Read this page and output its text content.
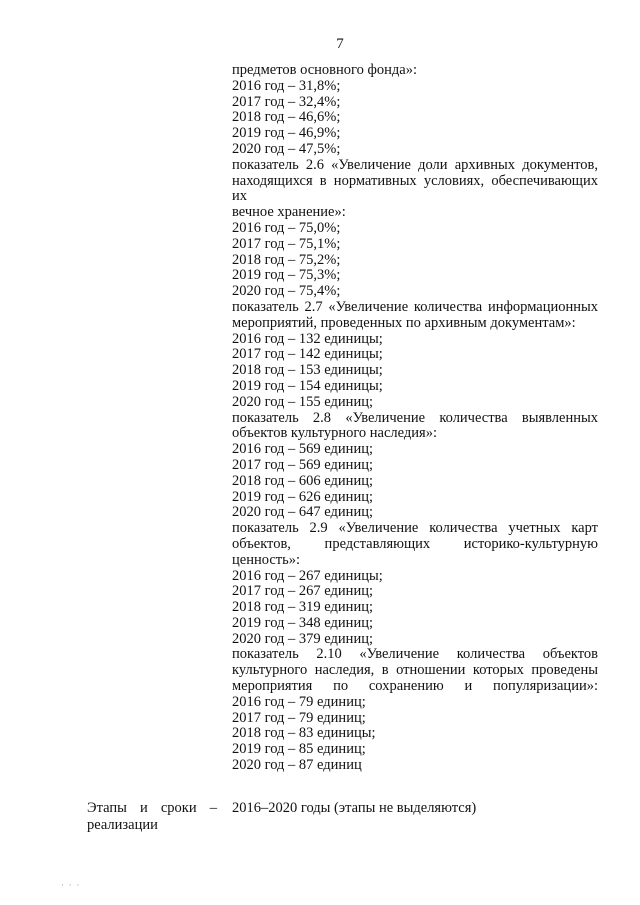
7
предметов основного фонда»:
2016 год – 31,8%;
2017 год – 32,4%;
2018 год – 46,6%;
2019 год – 46,9%;
2020 год – 47,5%;
показатель 2.6 «Увеличение доли архивных документов,
находящихся в нормативных условиях, обеспечивающих их
вечное хранение»:
2016 год – 75,0%;
2017 год – 75,1%;
2018 год – 75,2%;
2019 год – 75,3%;
2020 год – 75,4%;
показатель 2.7 «Увеличение количества информационных
мероприятий, проведенных по архивным документам»:
2016 год – 132 единицы;
2017 год – 142 единицы;
2018 год – 153 единицы;
2019 год – 154 единицы;
2020 год – 155 единиц;
показатель 2.8 «Увеличение количества выявленных
объектов культурного наследия»:
2016 год – 569 единиц;
2017 год – 569 единиц;
2018 год – 606 единиц;
2019 год – 626 единиц;
2020 год – 647 единиц;
показатель 2.9 «Увеличение количества учетных карт
объектов, представляющих историко-культурную
ценность»:
2016 год – 267 единицы;
2017 год – 267 единиц;
2018 год – 319 единиц;
2019 год – 348 единиц;
2020 год – 379 единиц;
показатель 2.10 «Увеличение количества объектов
культурного наследия, в отношении которых проведены
мероприятия по сохранению и популяризации»:
2016 год – 79 единиц;
2017 год – 79 единиц;
2018 год – 83 единицы;
2019 год – 85 единиц;
2020 год – 87 единиц
Этапы и сроки –
реализации
2016–2020 годы (этапы не выделяются)
· · ·
